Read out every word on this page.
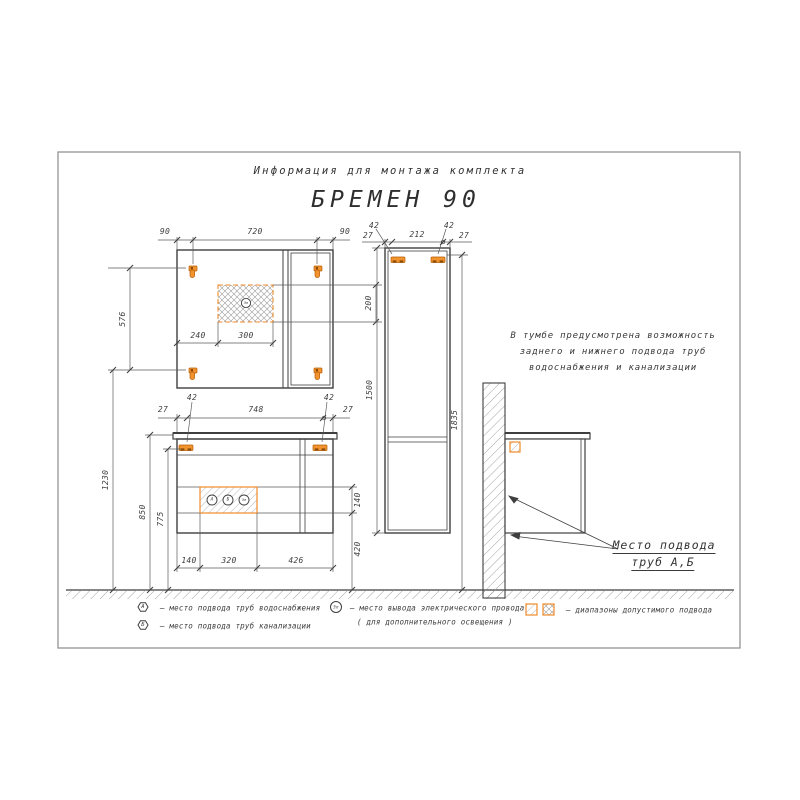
Информация для монтажа комплекта
БРЕМЕН 90
90	720	90
576
200
240	300
42	42
27	212	27
1500
1835
42	42
27	748	27
1230
850 775
140	320	426
140
420
Эл
А	Б	Эл
В тумбе предусмотрена возможность
заднего и нижнего подвода труб
водоснабжения и канализации
Место подвода
труб А,Б
А – место подвода труб водоснабжения
Б – место подвода труб канализации
Эл – место вывода электрического провода
( для дополнительного освещения )
– диапазоны допустимого подвода
